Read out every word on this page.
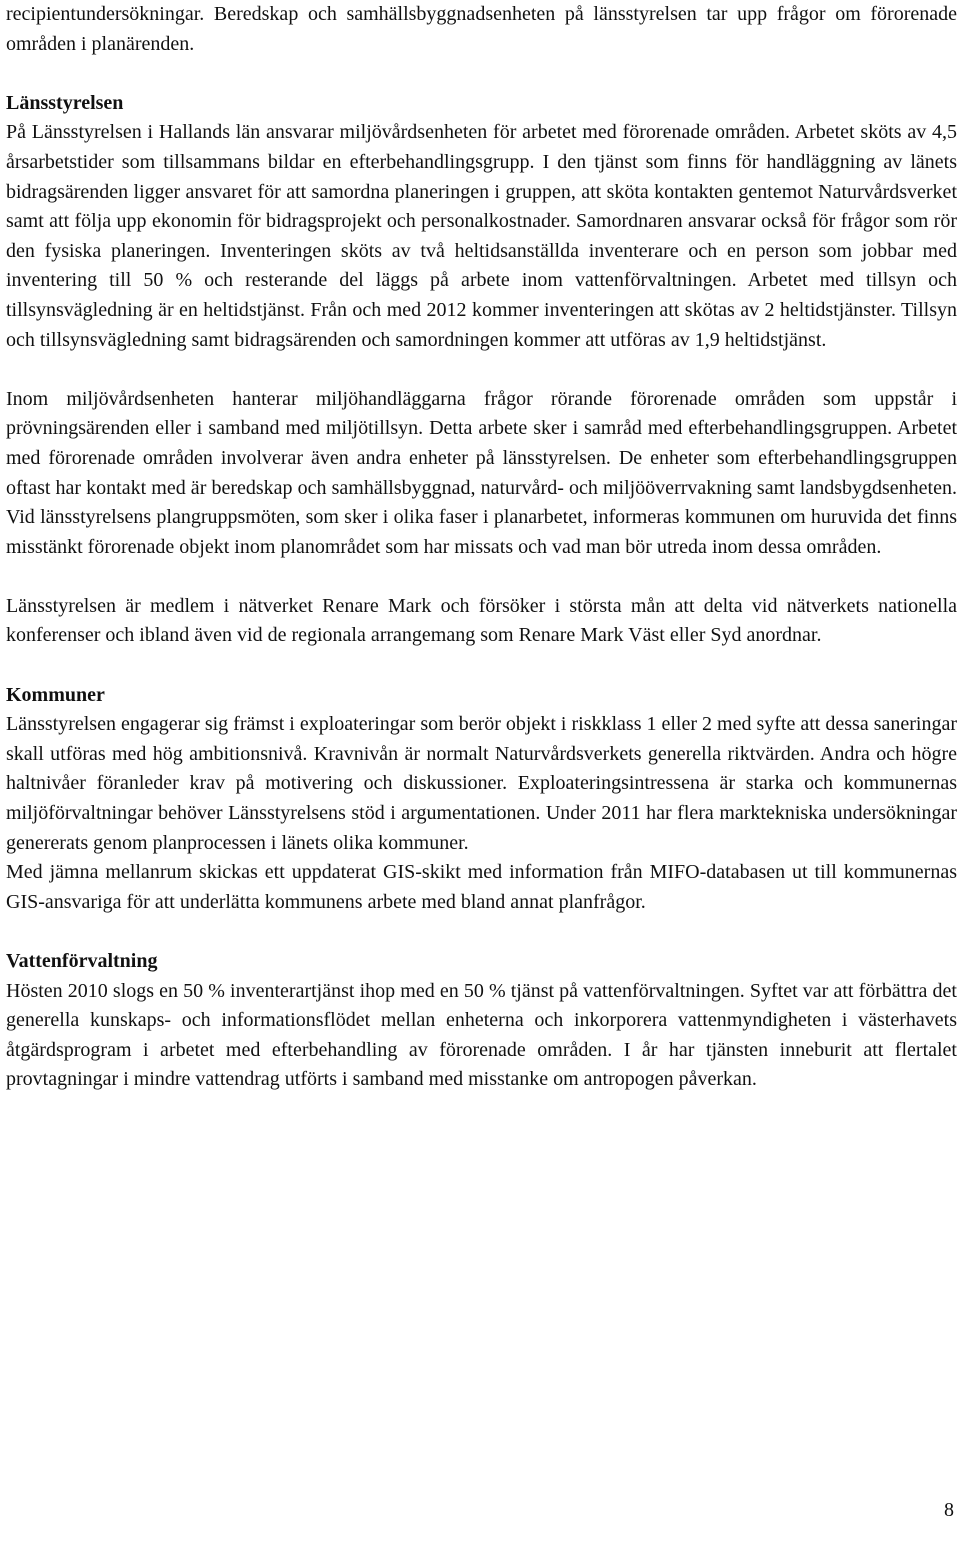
recipientundersökningar. Beredskap och samhällsbyggnadsenheten på länsstyrelsen tar upp frågor om förorenade områden i planärenden.

Länsstyrelsen

På Länsstyrelsen i Hallands län ansvarar miljövårdsenheten för arbetet med förorenade områden. Arbetet sköts av 4,5 årsarbetstider som tillsammans bildar en efterbehandlingsgrupp. I den tjänst som finns för handläggning av länets bidragsärenden ligger ansvaret för att samordna planeringen i gruppen, att sköta kontakten gentemot Naturvårdsverket samt att följa upp ekonomin för bidragsprojekt och personalkostnader. Samordnaren ansvarar också för frågor som rör den fysiska planeringen. Inventeringen sköts av två heltidsanställda inventerare och en person som jobbar med inventering till 50 % och resterande del läggs på arbete inom vattenförvaltningen. Arbetet med tillsyn och tillsynsvägledning är en heltidstjänst. Från och med 2012 kommer inventeringen att skötas av 2 heltidstjänster. Tillsyn och tillsynsvägledning samt bidragsärenden och samordningen kommer att utföras av 1,9 heltidstjänst.

Inom miljövårdsenheten hanterar miljöhandläggarna frågor rörande förorenade områden som uppstår i prövningsärenden eller i samband med miljötillsyn. Detta arbete sker i samråd med efterbehandlingsgruppen. Arbetet med förorenade områden involverar även andra enheter på länsstyrelsen. De enheter som efterbehandlingsgruppen oftast har kontakt med är beredskap och samhällsbyggnad, naturvård- och miljööverrvakning samt landsbygdsenheten. Vid länsstyrelsens plangruppsmöten, som sker i olika faser i planarbetet, informeras kommunen om huruvida det finns misstänkt förorenade objekt inom planområdet som har missats och vad man bör utreda inom dessa områden.

Länsstyrelsen är medlem i nätverket Renare Mark och försöker i största mån att delta vid nätverkets nationella konferenser och ibland även vid de regionala arrangemang som Renare Mark Väst eller Syd anordnar.

Kommuner

Länsstyrelsen engagerar sig främst i exploateringar som berör objekt i riskklass 1 eller 2 med syfte att dessa saneringar skall utföras med hög ambitionsnivå. Kravnivån är normalt Naturvårdsverkets generella riktvärden. Andra och högre haltnivåer föranleder krav på motivering och diskussioner. Exploateringsintressena är starka och kommunernas miljöförvaltningar behöver Länsstyrelsens stöd i argumentationen. Under 2011 har flera marktekniska undersökningar genererats genom planprocessen i länets olika kommuner.

Med jämna mellanrum skickas ett uppdaterat GIS-skikt med information från MIFO-databasen ut till kommunernas GIS-ansvariga för att underlätta kommunens arbete med bland annat planfrågor.

Vattenförvaltning

Hösten 2010 slogs en 50 % inventerartjänst ihop med en 50 % tjänst på vattenförvaltningen. Syftet var att förbättra det generella kunskaps- och informationsflödet mellan enheterna och inkorporera vattenmyndigheten i västerhavets åtgärdsprogram i arbetet med efterbehandling av förorenade områden. I år har tjänsten inneburit att flertalet provtagningar i mindre vattendrag utförts i samband med misstanke om antropogen påverkan.

8
